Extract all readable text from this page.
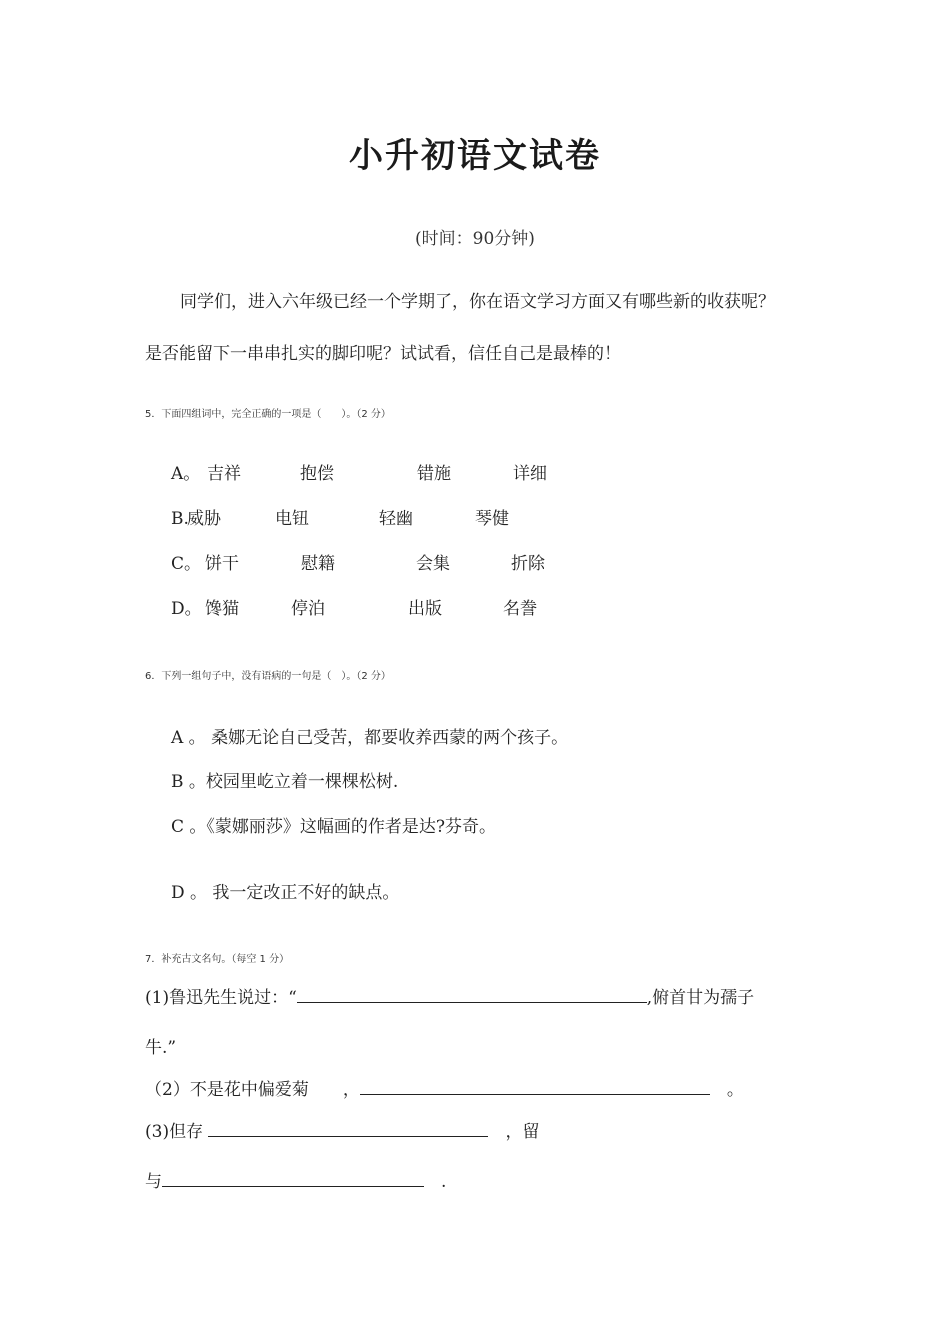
小升初语文试卷
(时间：90分钟)
同学们，进入六年级已经一个学期了，你在语文学习方面又有哪些新的收获呢？
是否能留下一串串扎实的脚印呢？试试看，信任自己是最棒的！
5．下面四组词中，完全正确的一项是（　　）。（2 分）
A。 吉祥	抱偿	错施	详细
B.威胁	电钮	轻幽	琴健
C。 饼干	慰籍	会集	折除
D。 馋猫	停泊	出版	名誊
6．下列一组句子中，没有语病的一句是（　）。（2 分）
A 。 桑娜无论自己受苦，都要收养西蒙的两个孩子。
B 。校园里屹立着一棵棵松树.
C 。《蒙娜丽莎》这幅画的作者是达?芬奇。
D 。 我一定改正不好的缺点。
7．补充古文名句。（每空 1 分）
(1)鲁迅先生说过：“	,俯首甘为孺子
牛.”
（2）不是花中偏爱菊　　，	　。
(3)但存	　，留
与	　.
